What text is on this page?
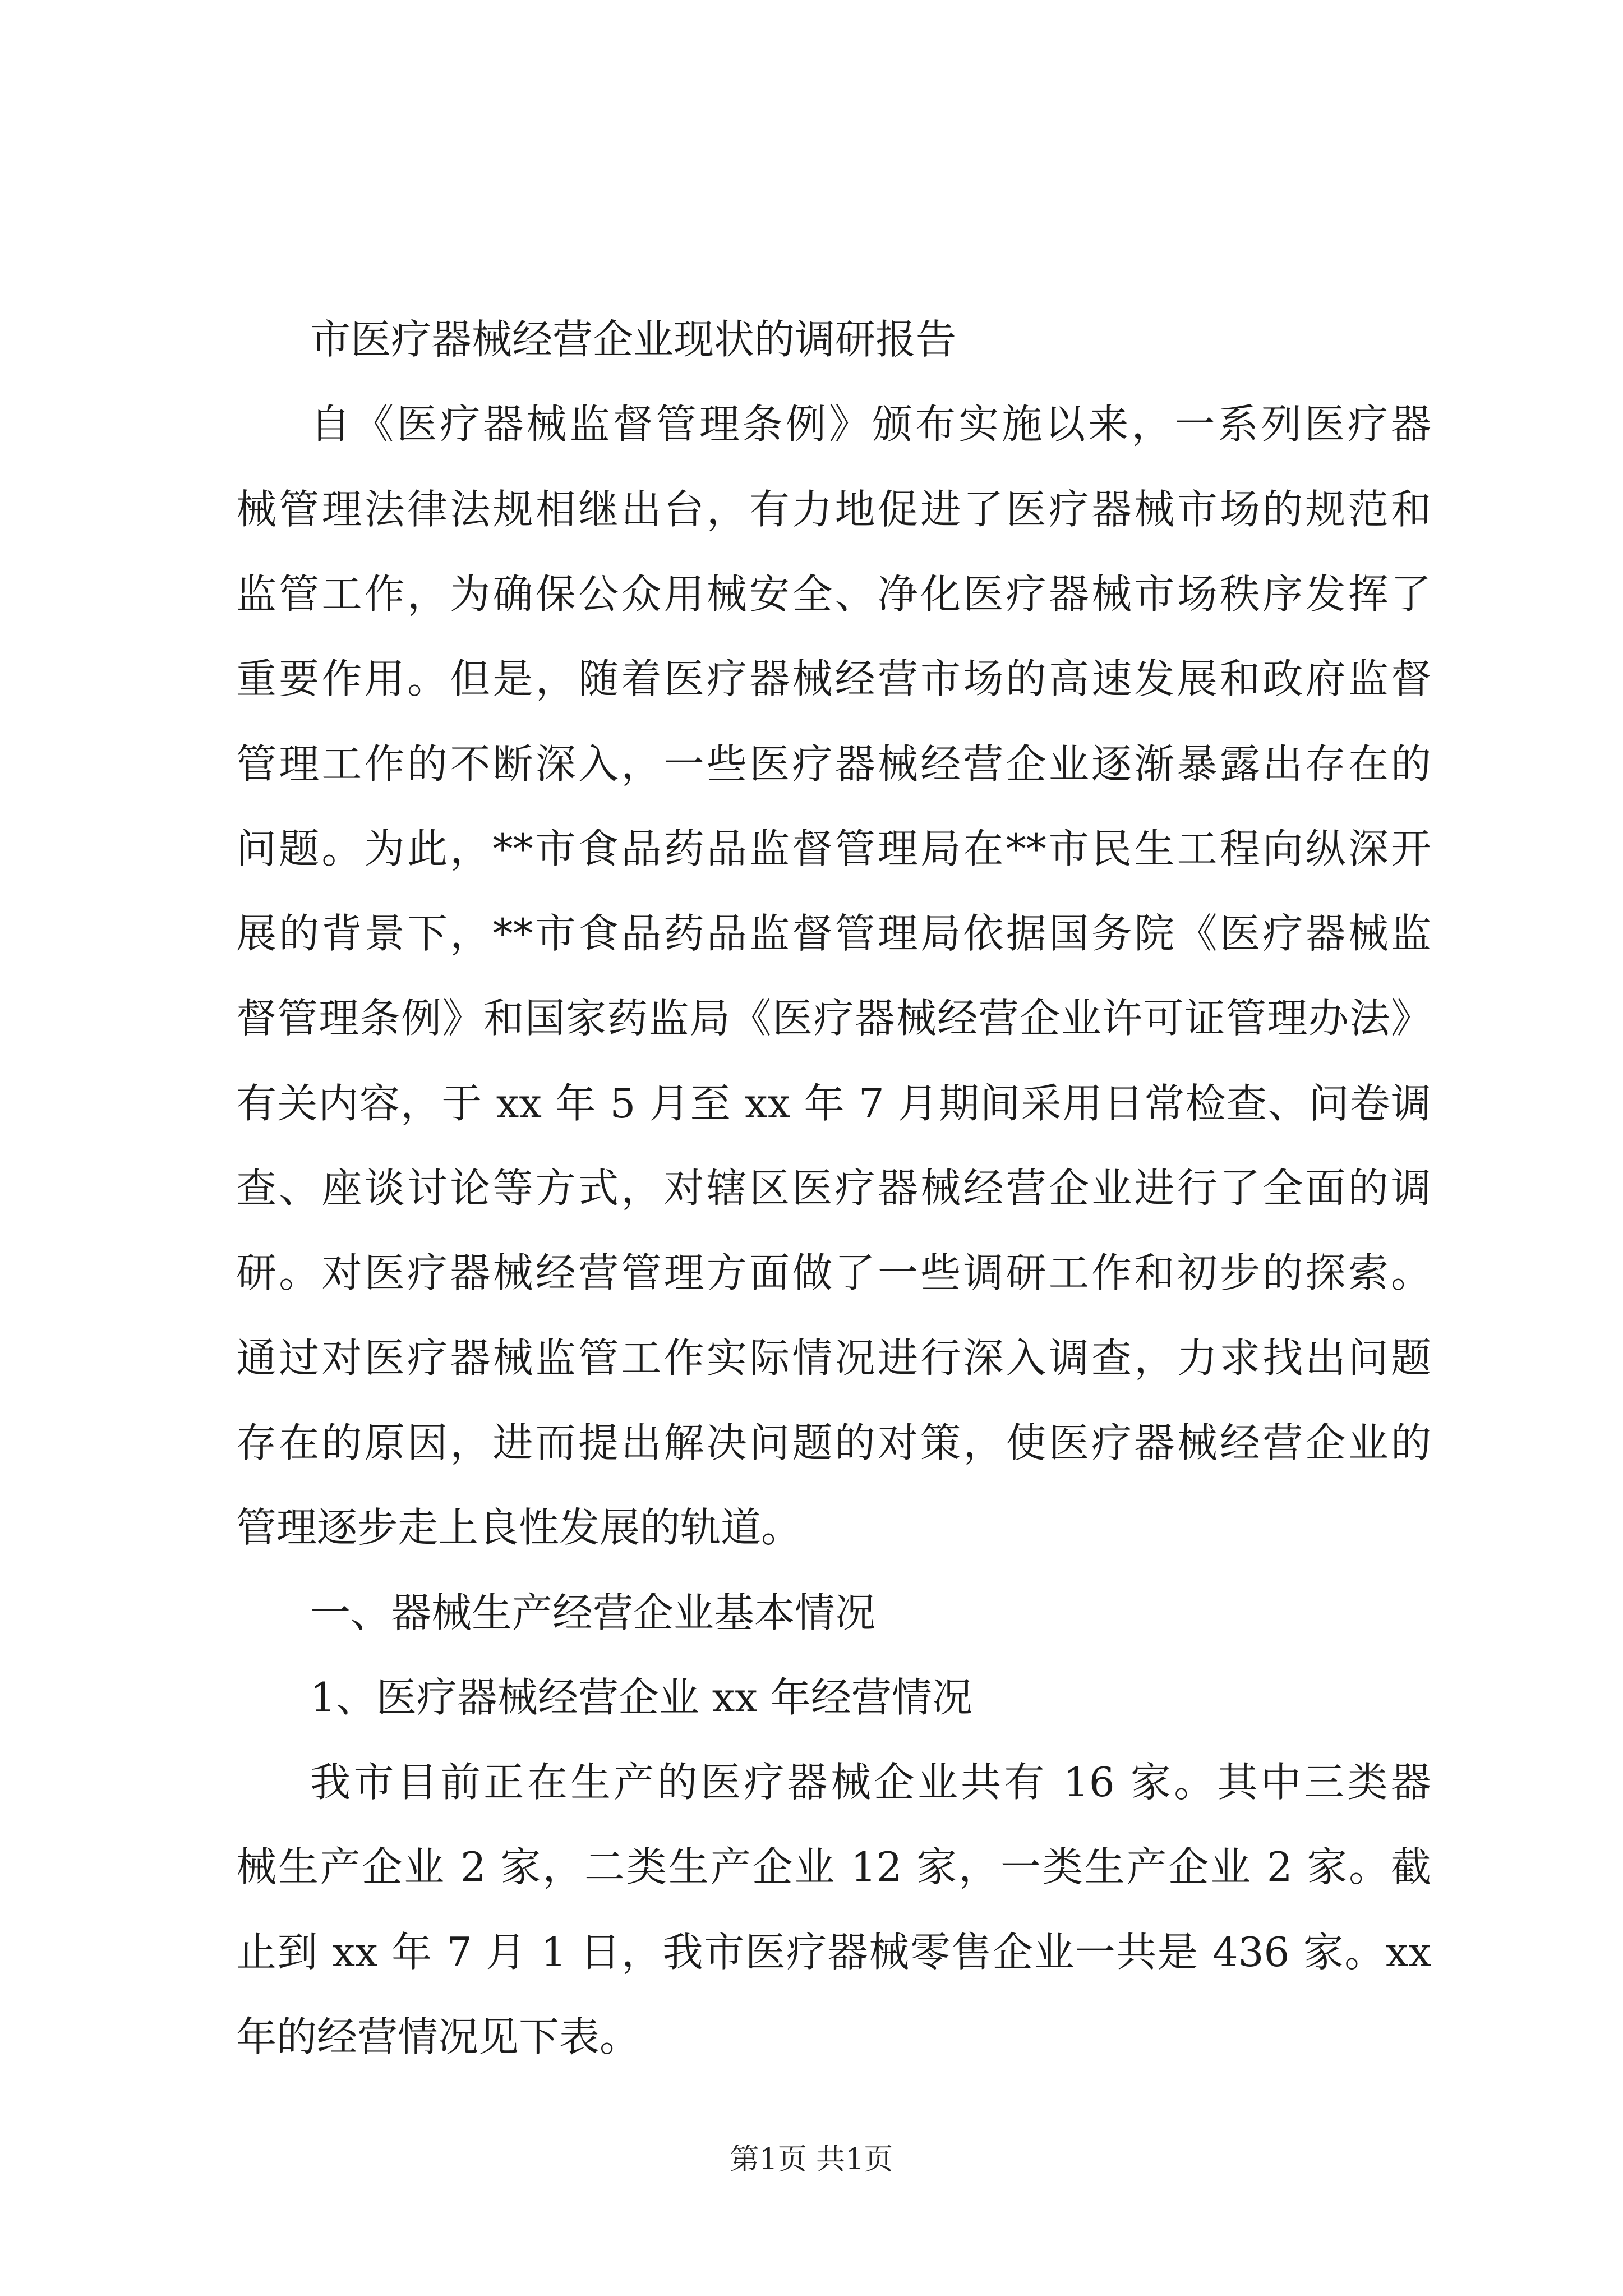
市医疗器械经营企业现状的调研报告
自《医疗器械监督管理条例》颁布实施以来，一系列医疗器
械管理法律法规相继出台，有力地促进了医疗器械市场的规范和
监管工作，为确保公众用械安全、净化医疗器械市场秩序发挥了
重要作用。但是，随着医疗器械经营市场的高速发展和政府监督
管理工作的不断深入，一些医疗器械经营企业逐渐暴露出存在的
问题。为此，**市食品药品监督管理局在**市民生工程向纵深开
展的背景下，**市食品药品监督管理局依据国务院《医疗器械监
督管理条例》和国家药监局《医疗器械经营企业许可证管理办法》
有关内容，于 xx 年 5 月至 xx 年 7 月期间采用日常检查、问卷调
查、座谈讨论等方式，对辖区医疗器械经营企业进行了全面的调
研。对医疗器械经营管理方面做了一些调研工作和初步的探索。
通过对医疗器械监管工作实际情况进行深入调查，力求找出问题
存在的原因，进而提出解决问题的对策，使医疗器械经营企业的
管理逐步走上良性发展的轨道。
一、器械生产经营企业基本情况
1、医疗器械经营企业 xx 年经营情况
我市目前正在生产的医疗器械企业共有 16 家。其中三类器
械生产企业 2 家，二类生产企业 12 家，一类生产企业 2 家。截
止到 xx 年 7 月 1 日，我市医疗器械零售企业一共是 436 家。xx
年的经营情况见下表。
第1页 共1页
